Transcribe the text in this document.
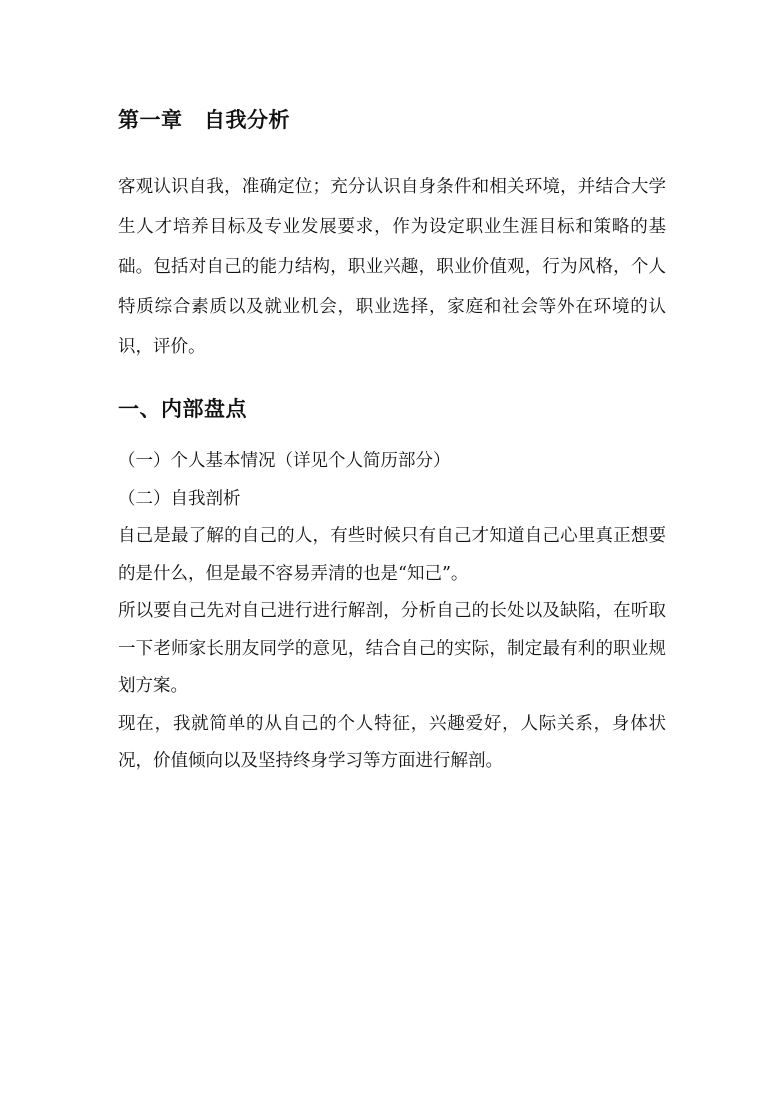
第一章　自我分析

客观认识自我，准确定位；充分认识自身条件和相关环境，并结合大学生人才培养目标及专业发展要求，作为设定职业生涯目标和策略的基础。包括对自己的能力结构，职业兴趣，职业价值观，行为风格，个人特质综合素质以及就业机会，职业选择，家庭和社会等外在环境的认识，评价。

一、内部盘点

（一）个人基本情况（详见个人简历部分）

（二）自我剖析

自己是最了解的自己的人，有些时候只有自己才知道自己心里真正想要的是什么，但是最不容易弄清的也是“知己”。

所以要自己先对自己进行进行解剖，分析自己的长处以及缺陷，在听取一下老师家长朋友同学的意见，结合自己的实际，制定最有利的职业规划方案。

现在，我就简单的从自己的个人特征，兴趣爱好，人际关系，身体状况，价值倾向以及坚持终身学习等方面进行解剖。
